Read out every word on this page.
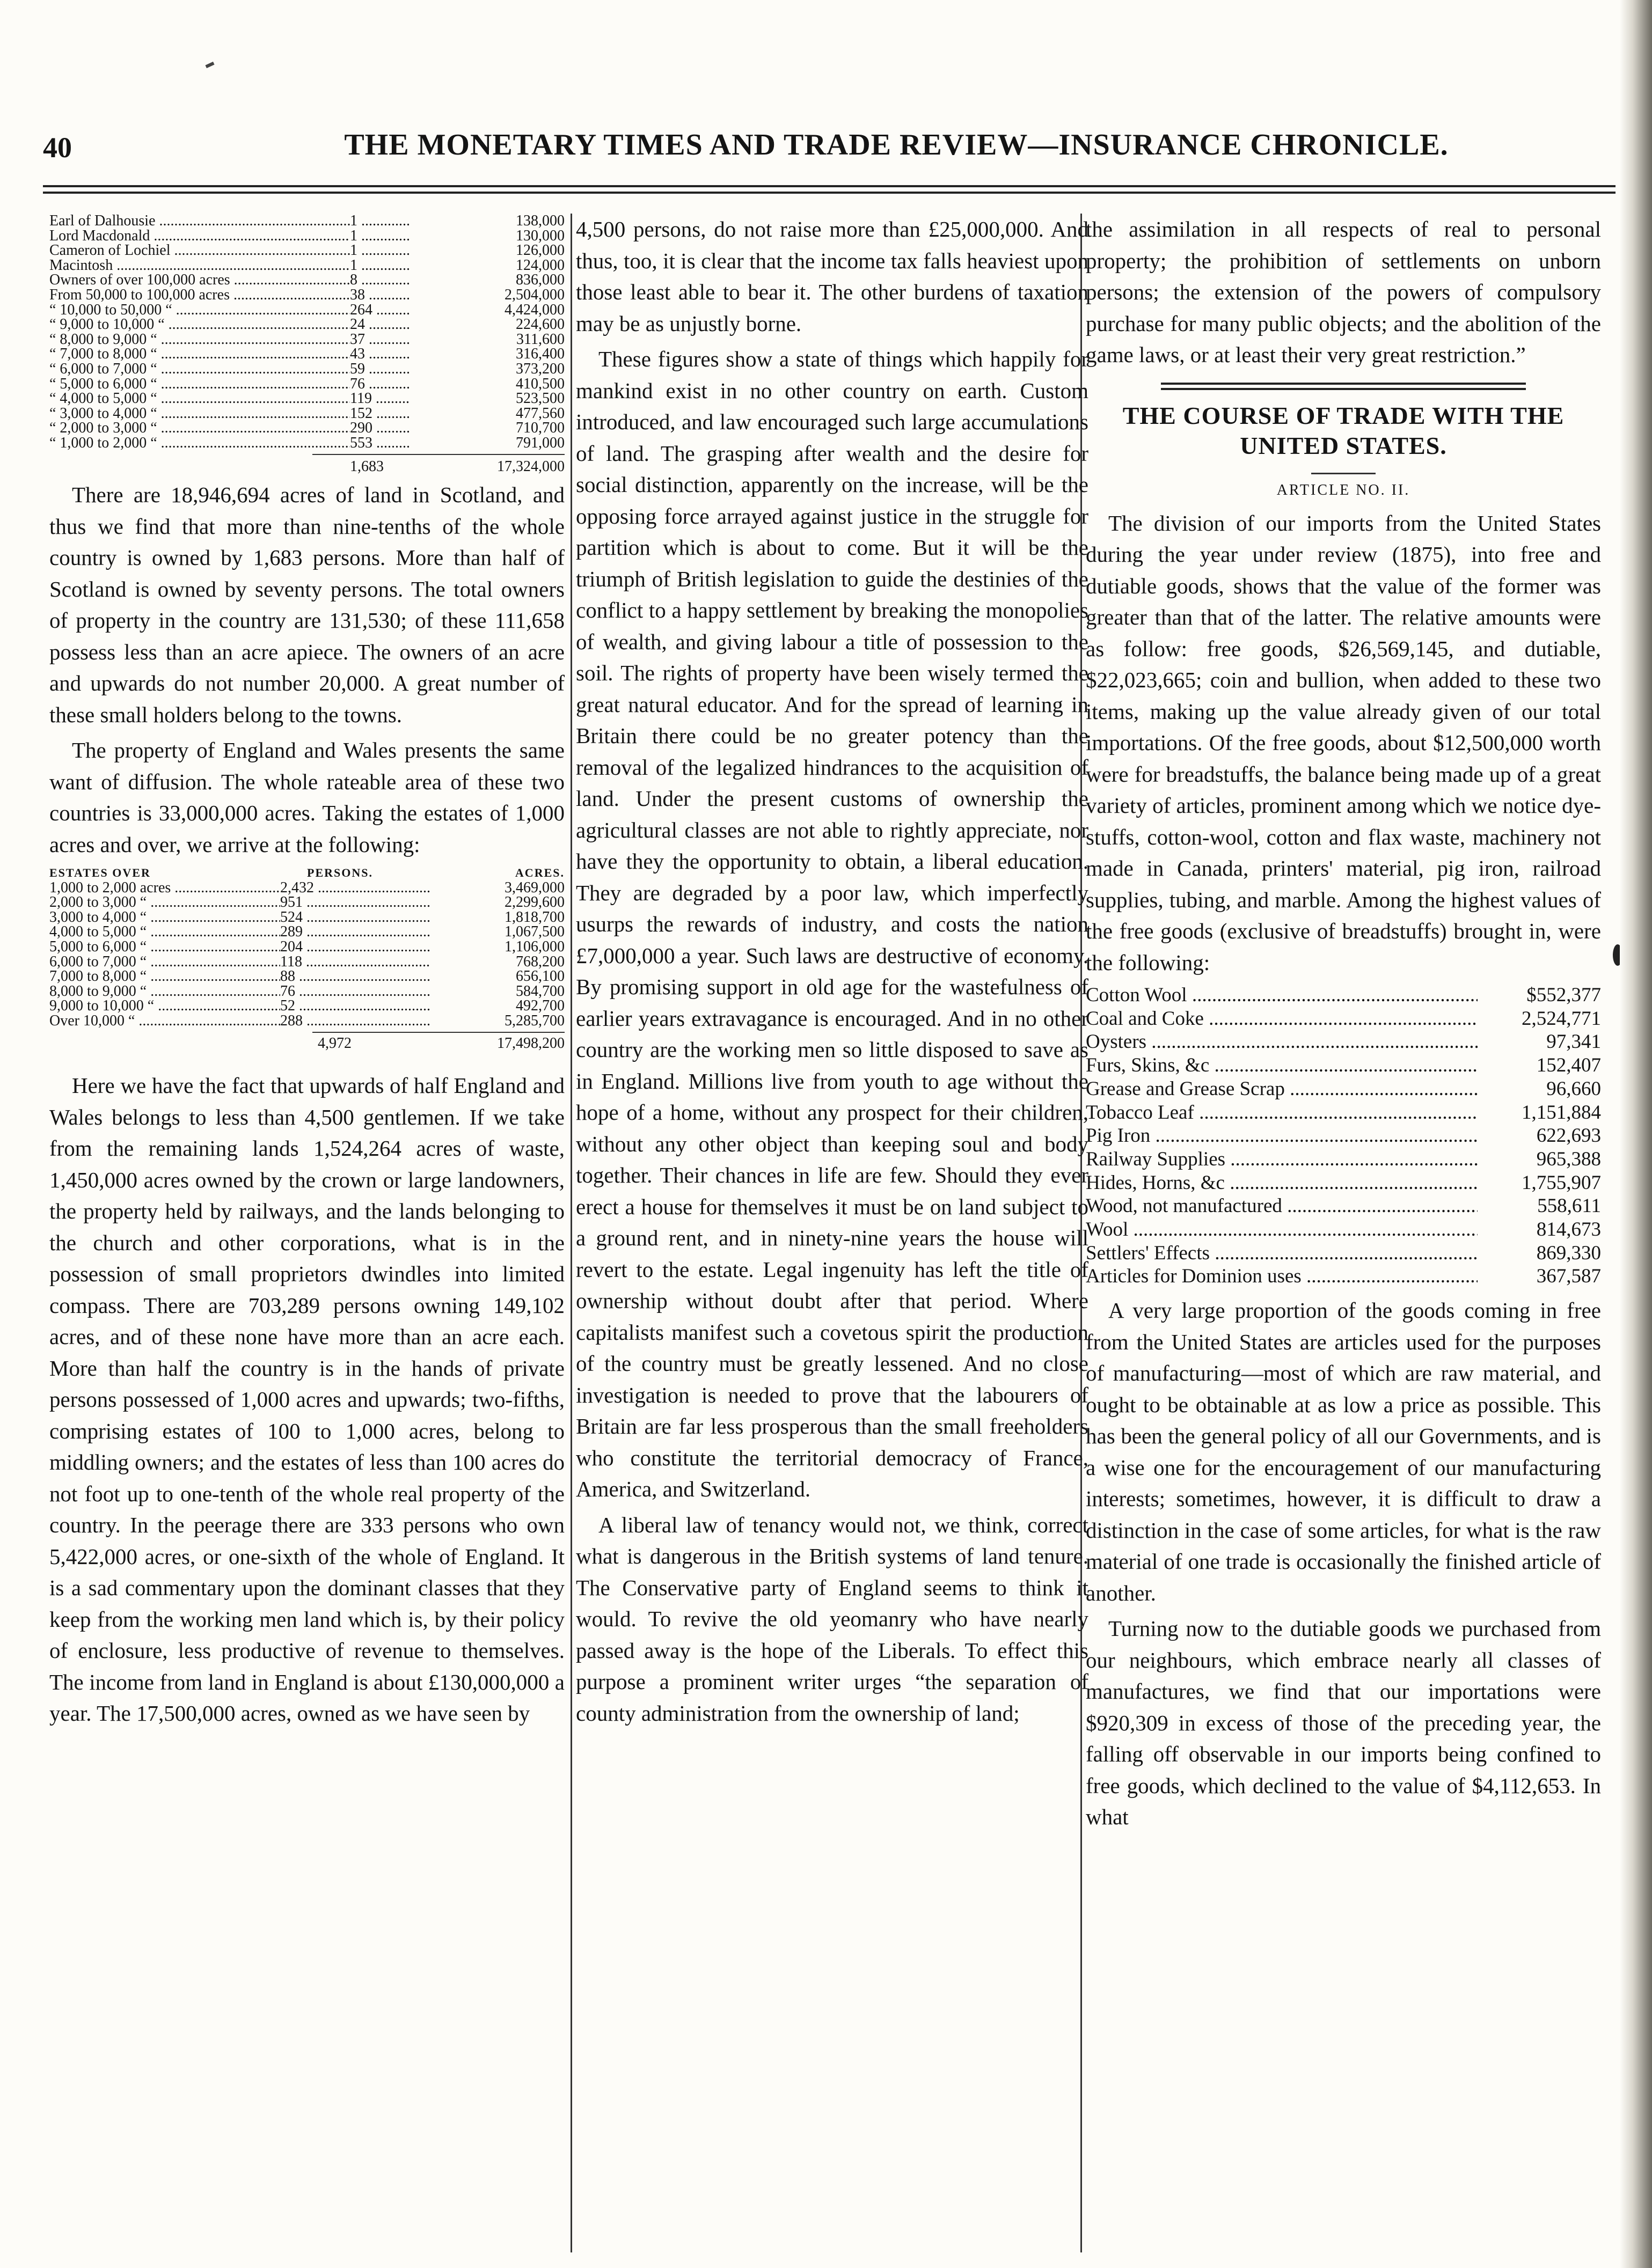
40	THE MONETARY TIMES AND TRADE REVIEW—INSURANCE CHRONICLE.
Earl of Dalhousie .....	1 .....	138,000
Lord Macdonald .....	1 .....	130,000
Cameron of Lochiel .....	1 .....	126,000
Macintosh .....	1 .....	124,000
Owners of over 100,000 acres .....	8 .....	836,000
From 50,000 to 100,000 acres .....	38 .....	2,504,000
“ 10,000 to 50,000 “ .....	264 .....	4,424,000
“ 9,000 to 10,000 “ .....	24 .....	224,600
“ 8,000 to 9,000 “ .....	37 .....	311,600
“ 7,000 to 8,000 “ .....	43 .....	316,400
“ 6,000 to 7,000 “ .....	59 .....	373,200
“ 5,000 to 6,000 “ .....	76 .....	410,500
“ 4,000 to 5,000 “ .....	119 .....	523,500
“ 3,000 to 4,000 “ .....	152 .....	477,560
“ 2,000 to 3,000 “ .....	290 .....	710,700
“ 1,000 to 2,000 “ .....	553 .....	791,000
1,683	17,324,000

There are 18,946,694 acres of land in Scotland, and thus we find that more than nine-tenths of the whole country is owned by 1,683 persons. More than half of Scotland is owned by seventy persons. The total owners of property in the country are 131,530; of these 111,658 possess less than an acre apiece. The owners of an acre and upwards do not number 20,000. A great number of these small holders belong to the towns.

The property of England and Wales presents the same want of diffusion. The whole rateable area of these two countries is 33,000,000 acres. Taking the estates of 1,000 acres and over, we arrive at the following:

ESTATES OVER	PERSONS.	ACRES.
1,000 to 2,000 acres .....	2,432 .....	3,469,000
2,000 to 3,000 “ .....	951 .....	2,299,600
3,000 to 4,000 “ .....	524 .....	1,818,700
4,000 to 5,000 “ .....	289 .....	1,067,500
5,000 to 6,000 “ .....	204 .....	1,106,000
6,000 to 7,000 “ .....	118 .....	768,200
7,000 to 8,000 “ .....	88 .....	656,100
8,000 to 9,000 “ .....	76 .....	584,700
9,000 to 10,000 “ .....	52 .....	492,700
Over 10,000 “ .....	288 .....	5,285,700
4,972	17,498,200

Here we have the fact that upwards of half England and Wales belongs to less than 4,500 gentlemen. If we take from the remaining lands 1,524,264 acres of waste, 1,450,000 acres owned by the crown or large landowners, the property held by railways, and the lands belonging to the church and other corporations, what is in the possession of small proprietors dwindles into limited compass. There are 703,289 persons owning 149,102 acres, and of these none have more than an acre each. More than half the country is in the hands of private persons possessed of 1,000 acres and upwards; two-fifths, comprising estates of 100 to 1,000 acres, belong to middling owners; and the estates of less than 100 acres do not foot up to one-tenth of the whole real property of the country. In the peerage there are 333 persons who own 5,422,000 acres, or one-sixth of the whole of England. It is a sad commentary upon the dominant classes that they keep from the working men land which is, by their policy of enclosure, less productive of revenue to themselves. The income from land in England is about £130,000,000 a year. The 17,500,000 acres, owned as we have seen by

4,500 persons, do not raise more than £25,000,000. And thus, too, it is clear that the income tax falls heaviest upon those least able to bear it. The other burdens of taxation may be as unjustly borne.

These figures show a state of things which happily for mankind exist in no other country on earth. Custom introduced, and law encouraged such large accumulations of land. The grasping after wealth and the desire for social distinction, apparently on the increase, will be the opposing force arrayed against justice in the struggle for partition which is about to come. But it will be the triumph of British legislation to guide the destinies of the conflict to a happy settlement by breaking the monopolies of wealth, and giving labour a title of possession to the soil. The rights of property have been wisely termed the great natural educator. And for the spread of learning in Britain there could be no greater potency than the removal of the legalized hindrances to the acquisition of land. Under the present customs of ownership the agricultural classes are not able to rightly appreciate, nor have they the opportunity to obtain, a liberal education. They are degraded by a poor law, which imperfectly usurps the rewards of industry, and costs the nation £7,000,000 a year. Such laws are destructive of economy. By promising support in old age for the wastefulness of earlier years extravagance is encouraged. And in no other country are the working men so little disposed to save as in England. Millions live from youth to age without the hope of a home, without any prospect for their children, without any other object than keeping soul and body together. Their chances in life are few. Should they ever erect a house for themselves it must be on land subject to a ground rent, and in ninety-nine years the house will revert to the estate. Legal ingenuity has left the title of ownership without doubt after that period. Where capitalists manifest such a covetous spirit the production of the country must be greatly lessened. And no close investigation is needed to prove that the labourers of Britain are far less prosperous than the small freeholders who constitute the territorial democracy of France, America, and Switzerland.

A liberal law of tenancy would not, we think, correct what is dangerous in the British systems of land tenure. The Conservative party of England seems to think it would. To revive the old yeomanry who have nearly passed away is the hope of the Liberals. To effect this purpose a prominent writer urges “the separation of county administration from the ownership of land;

the assimilation in all respects of real to personal property; the prohibition of settlements on unborn persons; the extension of the powers of compulsory purchase for many public objects; and the abolition of the game laws, or at least their very great restriction.”

THE COURSE OF TRADE WITH THE UNITED STATES.
ARTICLE NO. II.

The division of our imports from the United States during the year under review (1875), into free and dutiable goods, shows that the value of the former was greater than that of the latter. The relative amounts were as follow: free goods, $26,569,145, and dutiable, $22,023,665; coin and bullion, when added to these two items, making up the value already given of our total importations. Of the free goods, about $12,500,000 worth were for breadstuffs, the balance being made up of a great variety of articles, prominent among which we notice dye-stuffs, cotton-wool, cotton and flax waste, machinery not made in Canada, printers' material, pig iron, railroad supplies, tubing, and marble. Among the highest values of the free goods (exclusive of breadstuffs) brought in, were the following:

Cotton Wool .....	$552,377
Coal and Coke .....	2,524,771
Oysters .....	97,341
Furs, Skins, &c .....	152,407
Grease and Grease Scrap .....	96,660
Tobacco Leaf .....	1,151,884
Pig Iron .....	622,693
Railway Supplies .....	965,388
Hides, Horns, &c .....	1,755,907
Wood, not manufactured .....	558,611
Wool .....	814,673
Settlers' Effects .....	869,330
Articles for Dominion uses .....	367,587

A very large proportion of the goods coming in free from the United States are articles used for the purposes of manufacturing—most of which are raw material, and ought to be obtainable at as low a price as possible. This has been the general policy of all our Governments, and is a wise one for the encouragement of our manufacturing interests; sometimes, however, it is difficult to draw a distinction in the case of some articles, for what is the raw material of one trade is occasionally the finished article of another.

Turning now to the dutiable goods we purchased from our neighbours, which embrace nearly all classes of manufactures, we find that our importations were $920,309 in excess of those of the preceding year, the falling off observable in our imports being confined to free goods, which declined to the value of $4,112,653. In what
